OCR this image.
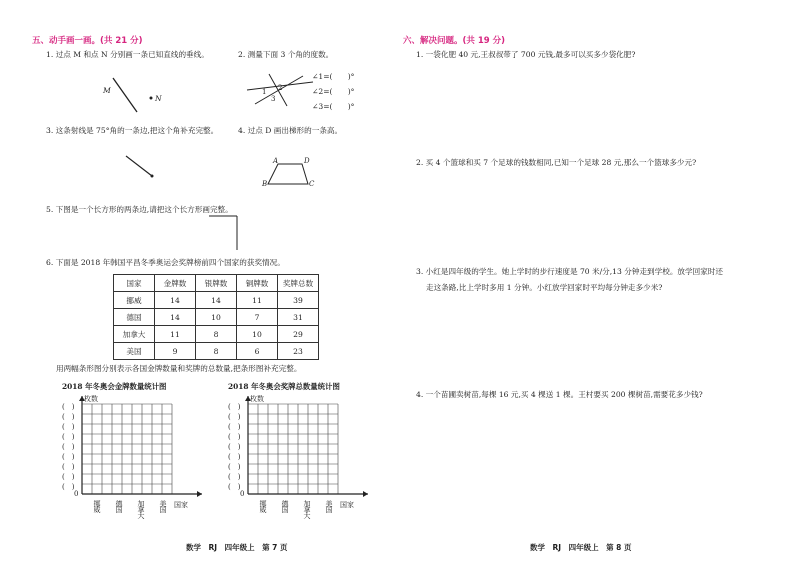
五、动手画一画。(共 21 分)
1. 过点 M 和点 N 分别画一条已知直线的垂线。	2. 测量下面 3 个角的度数。
M
N
1 2
3
∠1=(　　)°
∠2=(　　)°
∠3=(　　)°
3. 这条射线是 75°角的一条边,把这个角补充完整。	4. 过点 D 画出梯形的一条高。
A	D
B	C
5. 下图是一个长方形的两条边,请把这个长方形画完整。
6. 下面是 2018 年韩国平昌冬季奥运会奖牌榜前四个国家的获奖情况。
国家	金牌数	银牌数	铜牌数	奖牌总数
挪威	14	14	11	39
德国	14	10	7	31
加拿大	11	8	10	29
美国	9	8	6	23
用两幅条形图分别表示各国金牌数量和奖牌的总数量,把条形图补充完整。
2018 年冬奥会金牌数量统计图
枚数
(　)
(　)
(　)
(　)
(　)
(　)
(　)
(　)
(　)
0
国家
挪威 德国 加拿大 美国
2018 年冬奥会奖牌总数量统计图
枚数
(　)
(　)
(　)
(　)
(　)
(　)
(　)
(　)
(　)
0
国家
挪威 德国 加拿大 美国
数学　RJ　四年级上　第 7 页
六、解决问题。(共 19 分)
1. 一袋化肥 40 元,王叔叔带了 700 元钱,最多可以买多少袋化肥?
2. 买 4 个篮球和买 7 个足球的钱数相同,已知一个足球 28 元,那么一个篮球多少元?
3. 小红是四年级的学生。她上学时的步行速度是 70 米/分,13 分钟走到学校。放学回家时还
走这条路,比上学时多用 1 分钟。小红放学回家时平均每分钟走多少米?
4. 一个苗圃卖树苗,每棵 16 元,买 4 棵送 1 棵。王村要买 200 棵树苗,需要花多少钱?
数学　RJ　四年级上　第 8 页
